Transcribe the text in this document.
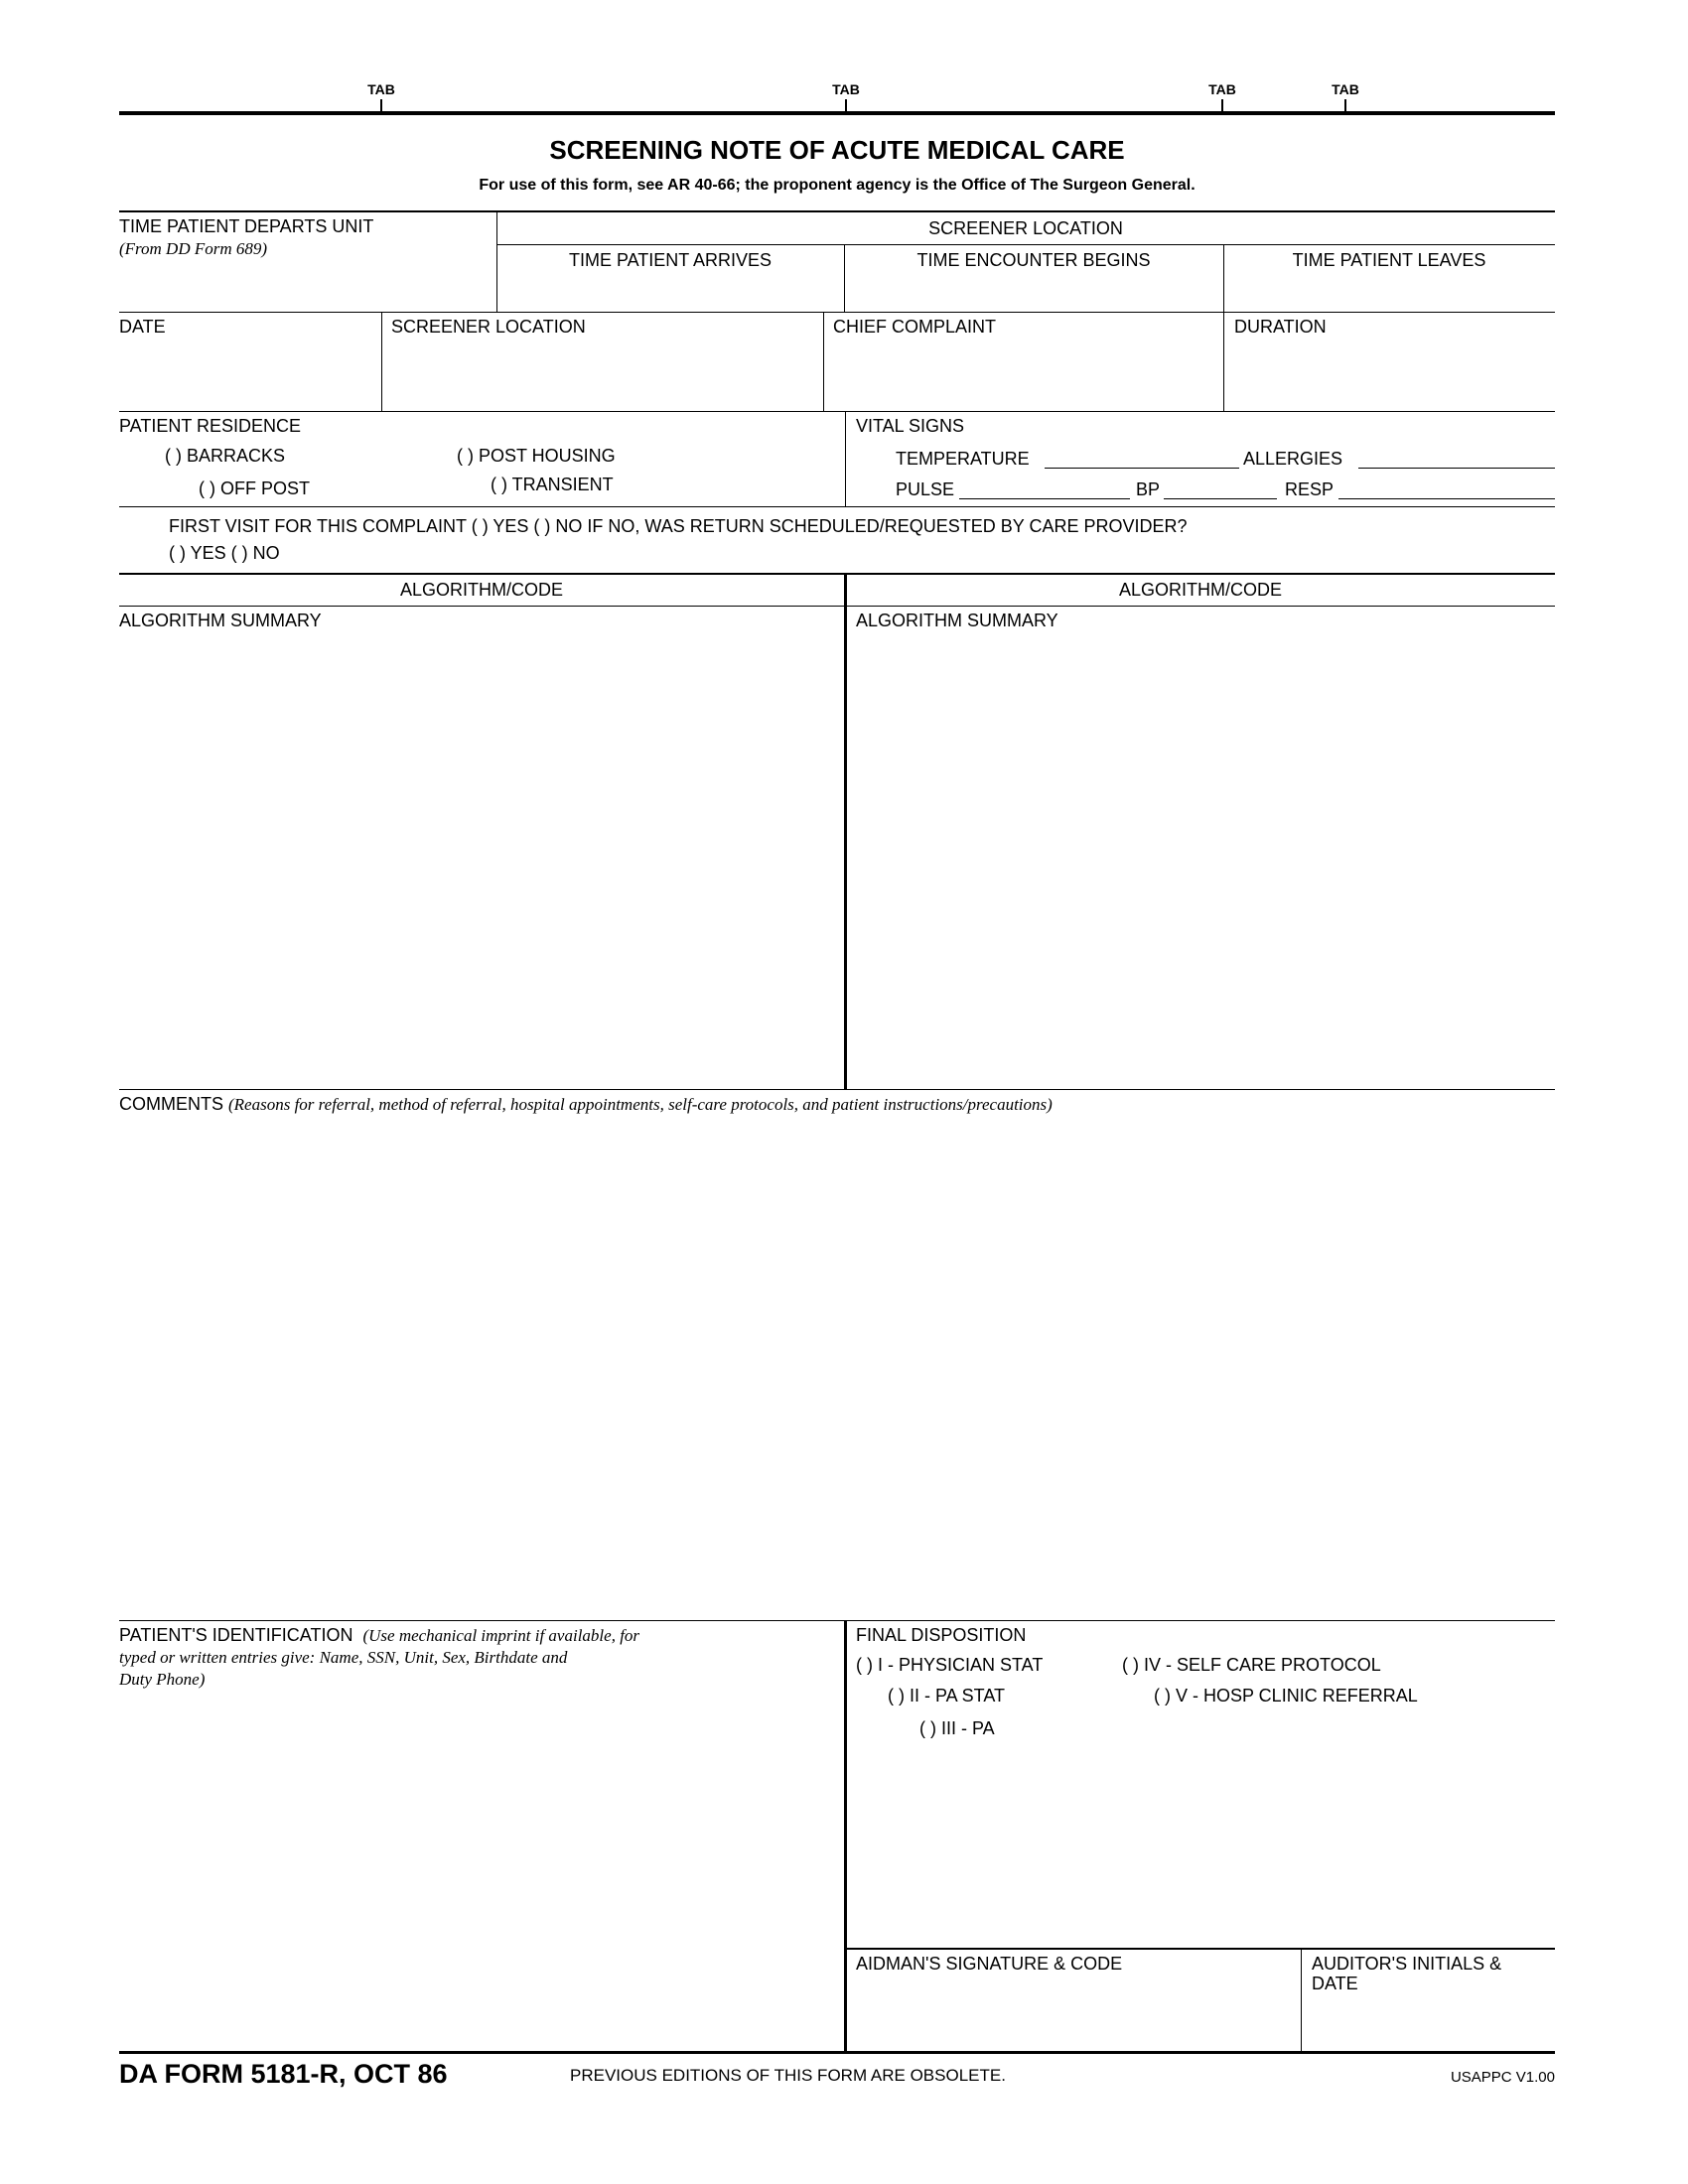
TAB	TAB	TAB	TAB
SCREENING NOTE OF ACUTE MEDICAL CARE
For use of this form, see AR 40-66; the proponent agency is the Office of The Surgeon General.
TIME PATIENT DEPARTS UNIT
(From DD Form 689)
SCREENER LOCATION
TIME PATIENT ARRIVES	TIME ENCOUNTER BEGINS	TIME PATIENT LEAVES
DATE	SCREENER LOCATION	CHIEF COMPLAINT	DURATION
PATIENT RESIDENCE
( ) BARRACKS	( ) POST HOUSING
( ) OFF POST	( ) TRANSIENT
VITAL SIGNS
TEMPERATURE	ALLERGIES
PULSE	BP	RESP
FIRST VISIT FOR THIS COMPLAINT ( ) YES ( ) NO IF NO, WAS RETURN SCHEDULED/REQUESTED BY CARE PROVIDER?
( ) YES ( ) NO
ALGORITHM/CODE	ALGORITHM/CODE
ALGORITHM SUMMARY	ALGORITHM SUMMARY
COMMENTS (Reasons for referral, method of referral, hospital appointments, self-care protocols, and patient instructions/precautions)
PATIENT'S IDENTIFICATION (Use mechanical imprint if available, for
typed or written entries give: Name, SSN, Unit, Sex, Birthdate and
Duty Phone)
FINAL DISPOSITION
( ) I - PHYSICIAN STAT	( ) IV - SELF CARE PROTOCOL
( ) II - PA STAT	( ) V - HOSP CLINIC REFERRAL
( ) III - PA
AIDMAN'S SIGNATURE & CODE	AUDITOR'S INITIALS &
DATE
DA FORM 5181-R, OCT 86	PREVIOUS EDITIONS OF THIS FORM ARE OBSOLETE.	USAPPC V1.00
